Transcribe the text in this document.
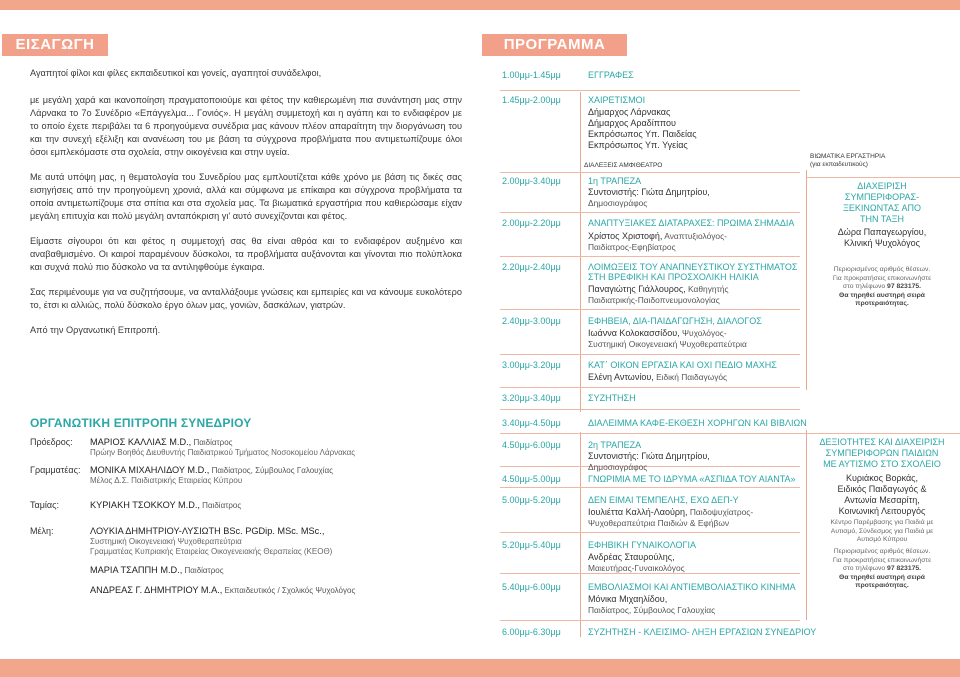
ΕΙΣΑΓΩΓΗ

Αγαπητοί φίλοι και φίλες εκπαιδευτικοί και γονείς, αγαπητοί συνάδελφοι,

με μεγάλη χαρά και ικανοποίηση πραγματοποιούμε και φέτος την καθιερωμένη πια συνάντηση μας στην Λάρνακα το 7ο Συνέδριο «Επάγγελμα... Γονιός». Η μεγάλη συμμετοχή και η αγάπη και το ενδιαφέρον με το οποίο έχετε περιβάλει τα 6 προηγούμενα συνέδρια μας κάνουν πλέον απαραίτητη την διοργάνωση του και την συνεχή εξέλιξη και ανανέωση του με βάση τα σύγχρονα προβλήματα που αντιμετωπίζουμε όλοι όσοι εμπλεκόμαστε στα σχολεία, στην οικογένεια και στην υγεία.

Με αυτά υπόψη μας, η θεματολογία του Συνεδρίου μας εμπλουτίζεται κάθε χρόνο με βάση τις δικές σας εισηγήσεις από την προηγούμενη χρονιά, αλλά και σύμφωνα με επίκαιρα και σύγχρονα προβλήματα τα οποία αντιμετωπίζουμε στα σπίτια και στα σχολεία μας. Τα βιωματικά εργαστήρια που καθιερώσαμε είχαν μεγάλη επιτυχία και πολύ μεγάλη ανταπόκριση γι' αυτό συνεχίζονται και φέτος.

Είμαστε σίγουροι ότι και φέτος η συμμετοχή σας θα είναι αθρόα και το ενδιαφέρον αυξημένο και αναβαθμισμένο. Οι καιροί παραμένουν δύσκολοι, τα προβλήματα αυξάνονται και γίνονται πιο πολύπλοκα και συχνά πολύ πιο δύσκολο να τα αντιληφθούμε έγκαιρα.

Σας περιμένουμε για να συζητήσουμε, να ανταλλάξουμε γνώσεις και εμπειρίες και να κάνουμε ευκολότερο το, έτσι κι αλλιώς, πολύ δύσκολο έργο όλων μας, γονιών, δασκάλων, γιατρών.

Από την Οργανωτική Επιτροπή.

ΟΡΓΑΝΩΤΙΚΗ ΕΠΙΤΡΟΠΗ ΣΥΝΕΔΡΙΟΥ
Πρόεδρος:	ΜΑΡΙΟΣ ΚΑΛΛΙΑΣ M.D., Παιδίατρος
Πρώην Βοηθός Διευθυντής Παιδιατρικού Τμήματος Νοσοκομείου Λάρνακας
Γραμματέας:	ΜΟΝΙΚΑ ΜΙΧΑΗΛΙΔΟΥ M.D., Παιδίατρος, Σύμβουλος Γαλουχίας
Μέλος Δ.Σ. Παιδιατρικής Εταιρείας Κύπρου
Ταμίας:	ΚΥΡΙΑΚΗ ΤΣΟΚΚΟΥ M.D., Παιδίατρος
Μέλη:	ΛΟΥΚΙΑ ΔΗΜΗΤΡΙΟΥ-ΛΥΣΙΩΤΗ BSc. PGDip. MSc. MSc.,
Συστημική Οικογενειακή Ψυχοθεραπεύτρια
Γραμματέας Κυπριακής Εταιρείας Οικογενειακής Θεραπείας (ΚΕΟΘ)
ΜΑΡΙΑ ΤΣΑΠΠΗ M.D., Παιδίατρος
ΑΝΔΡΕΑΣ Γ. ΔΗΜΗΤΡΙΟΥ M.A., Εκπαιδευτικός / Σχολικός Ψυχολόγος
ΠΡΟΓΡΑΜΜΑ
ΔΙΑΛΕΞΕΙΣ ΑΜΦΙΘΕΑΤΡΟ
ΒΙΩΜΑΤΙΚΑ ΕΡΓΑΣΤΗΡΙΑ
(για εκπαιδευτικούς)
1.00μμ-1.45μμ	ΕΓΓΡΑΦΕΣ
1.45μμ-2.00μμ	ΧΑΙΡΕΤΙΣΜΟΙ
Δήμαρχος Λάρνακας
Δήμαρχος Αραδίππου
Εκπρόσωπος Υπ. Παιδείας
Εκπρόσωπος Υπ. Υγείας
2.00μμ-3.40μμ	1η ΤΡΑΠΕΖΑ
Συντονιστής: Γιώτα Δημητρίου,
Δημοσιογράφος
2.00μμ-2.20μμ	ΑΝΑΠΤΥΞΙΑΚΕΣ ΔΙΑΤΑΡΑΧΕΣ: ΠΡΩΙΜΑ ΣΗΜΑΔΙΑ
Χρίστος Χριστοφή, Αναπτυξιολόγος-
Παιδίατρος-Εφηβίατρος
2.20μμ-2.40μμ	ΛΟΙΜΩΞΕΙΣ ΤΟΥ ΑΝΑΠΝΕΥΣΤΙΚΟΥ ΣΥΣΤΗΜΑΤΟΣ
ΣΤΗ ΒΡΕΦΙΚΗ ΚΑΙ ΠΡΟΣΧΟΛΙΚΗ ΗΛΙΚΙΑ
Παναγιώτης Γιάλλουρος, Καθηγητής
Παιδιατρικής-Παιδοπνευμονολογίας
2.40μμ-3.00μμ	ΕΦΗΒΕΙΑ, ΔΙΑ-ΠΑΙΔΑΓΩΓΗΣΗ, ΔΙΑΛΟΓΟΣ
Ιωάννα Κολοκασσίδου, Ψυχολόγος-
Συστημική Οικογενειακή Ψυχοθεραπεύτρια
3.00μμ-3.20μμ	ΚΑΤ΄ ΟΙΚΟΝ ΕΡΓΑΣΙΑ ΚΑΙ ΟΧΙ ΠΕΔΙΟ ΜΑΧΗΣ
Ελένη Αντωνίου, Ειδική Παιδαγωγός
3.20μμ-3.40μμ	ΣΥΖΗΤΗΣΗ
3.40μμ-4.50μμ	ΔΙΑΛΕΙΜΜΑ ΚΑΦΕ-ΕΚΘΕΣΗ ΧΟΡΗΓΩΝ ΚΑΙ ΒΙΒΛΙΩΝ
4.50μμ-6.00μμ	2η ΤΡΑΠΕΖΑ
Συντονιστής: Γιώτα Δημητρίου,
Δημοσιογράφος
4.50μμ-5.00μμ	ΓΝΩΡΙΜΙΑ ΜΕ ΤΟ ΙΔΡΥΜΑ «ΑΣΠΙΔΑ ΤΟΥ ΑΙΑΝΤΑ»
5.00μμ-5.20μμ	ΔΕΝ ΕΙΜΑΙ ΤΕΜΠΕΛΗΣ, ΕΧΩ ΔΕΠ-Υ
Ιουλιέττα Καλλή-Λαούρη, Παιδοψυχίατρος-
Ψυχοθεραπεύτρια Παιδιών & Εφήβων
5.20μμ-5.40μμ	ΕΦΗΒΙΚΗ ΓΥΝΑΙΚΟΛΟΓΙΑ
Ανδρέας Σταυρούλης,
Μαιευτήρας-Γυναικολόγος
5.40μμ-6.00μμ	ΕΜΒΟΛΙΑΣΜΟΙ ΚΑΙ ΑΝΤΙΕΜΒΟΛΙΑΣΤΙΚΟ ΚΙΝΗΜΑ
Μόνικα Μιχαηλίδου,
Παιδίατρος, Σύμβουλος Γαλουχίας
6.00μμ-6.30μμ	ΣΥΖΗΤΗΣΗ - ΚΛΕΙΣΙΜΟ- ΛΗΞΗ ΕΡΓΑΣΙΩΝ ΣΥΝΕΔΡΙΟΥ
ΔΙΑΧΕΙΡΙΣΗ
ΣΥΜΠΕΡΙΦΟΡΑΣ-
ΞΕΚΙΝΩΝΤΑΣ ΑΠΟ
ΤΗΝ ΤΑΞΗ
Δώρα Παπαγεωργίου,
Κλινική Ψυχολόγος
Περιορισμένος αριθμός θέσεων.
Για προκρατήσεις επικοινωνήστε
στο τηλέφωνο 97 823175.
Θα τηρηθεί αυστηρή σειρά
προτεραιότητας.
ΔΕΞΙΟΤΗΤΕΣ ΚΑΙ ΔΙΑΧΕΙΡΙΣΗ
ΣΥΜΠΕΡΙΦΟΡΩΝ ΠΑΙΔΙΩΝ
ΜΕ ΑΥΤΙΣΜΟ ΣΤΟ ΣΧΟΛΕΙΟ
Κυριάκος Βορκάς,
Ειδικός Παιδαγωγός &
Αντωνία Μεσαρίτη,
Κοινωνική Λειτουργός
Κέντρο Παρέμβασης για Παιδιά με
Αυτισμό, Σύνδεσμος για Παιδιά με
Αυτισμό Κύπρου
Περιορισμένος αριθμός θέσεων.
Για προκρατήσεις επικοινωνήστε
στο τηλέφωνο 97 823175.
Θα τηρηθεί αυστηρή σειρά
προτεραιότητας.
